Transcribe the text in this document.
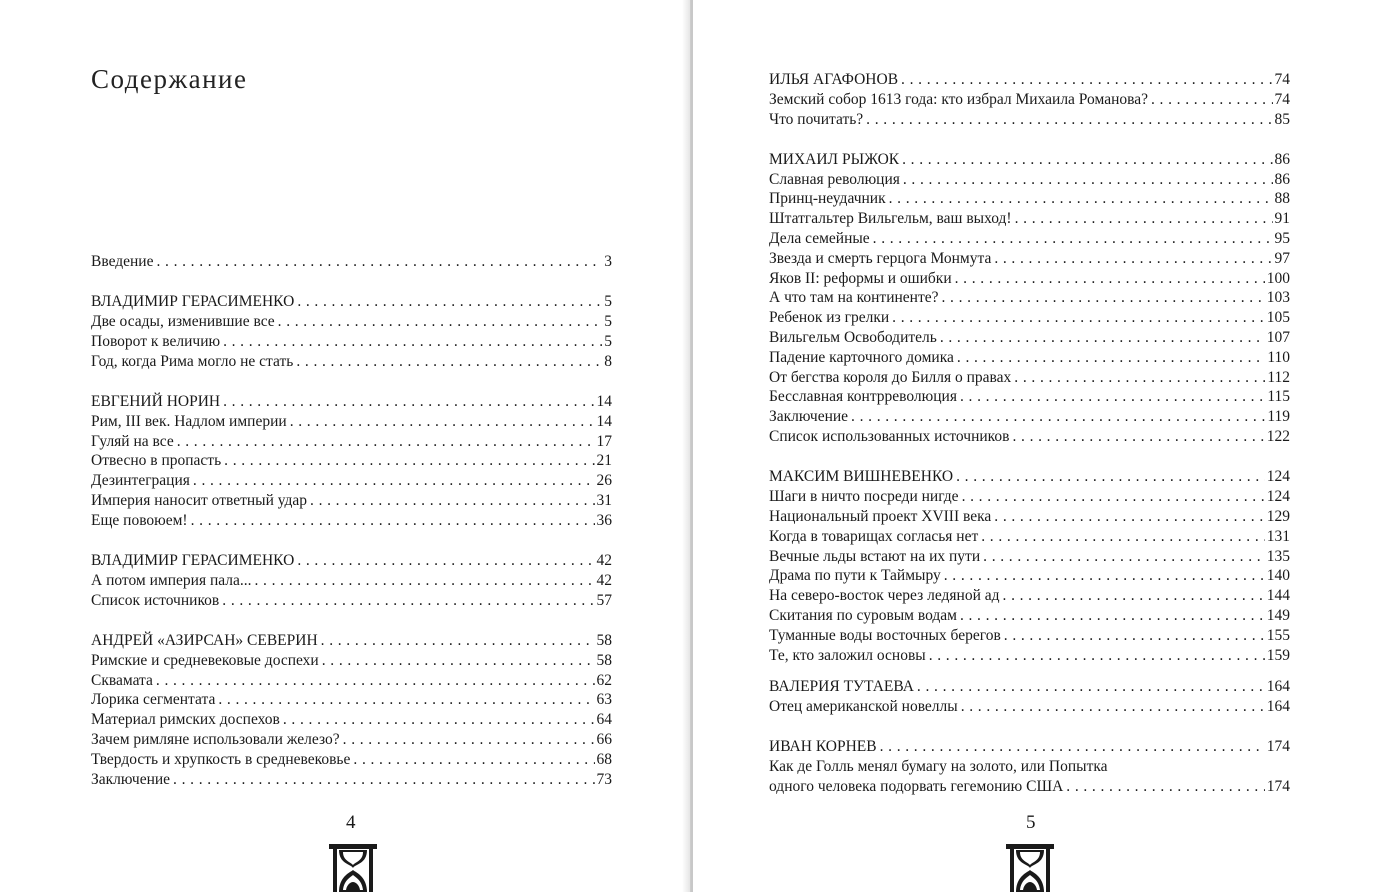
Содержание
Введение . . .	3
ВЛАДИМИР ГЕРАСИМЕНКО . . .	5
Две осады, изменившие все . . .	5
Поворот к величию . . .	5
Год, когда Рима могло не стать . . .	8
ЕВГЕНИЙ НОРИН . . .	14
Рим, III век. Надлом империи . . .	14
Гуляй на все . . .	17
Отвесно в пропасть . . .	21
Дезинтеграция . . .	26
Империя наносит ответный удар . . .	31
Еще повоюем! . . .	36
ВЛАДИМИР ГЕРАСИМЕНКО . . .	42
А потом империя пала... . . .	42
Список источников . . .	57
АНДРЕЙ «АЗИРСАН» СЕВЕРИН . . .	58
Римские и средневековые доспехи . . .	58
Сквамата . . .	62
Лорика сегментата . . .	63
Материал римских доспехов . . .	64
Зачем римляне использовали железо? . . .	66
Твердость и хрупкость в средневековье . . .	68
Заключение . . .	73
4
ИЛЬЯ АГАФОНОВ . . .	74
Земский собор 1613 года: кто избрал Михаила Романова? . . .	74
Что почитать? . . .	85
МИХАИЛ РЫЖОК . . .	86
Славная революция . . .	86
Принц-неудачник . . .	88
Штатгальтер Вильгельм, ваш выход! . . .	91
Дела семейные . . .	95
Звезда и смерть герцога Монмута . . .	97
Яков II: реформы и ошибки . . .	100
А что там на континенте? . . .	103
Ребенок из грелки . . .	105
Вильгельм Освободитель . . .	107
Падение карточного домика . . .	110
От бегства короля до Билля о правах . . .	112
Бесславная контрреволюция . . .	115
Заключение . . .	119
Список использованных источников . . .	122
МАКСИМ ВИШНЕВЕНКО . . .	124
Шаги в ничто посреди нигде . . .	124
Национальный проект XVIII века . . .	129
Когда в товарищах согласья нет . . .	131
Вечные льды встают на их пути . . .	135
Драма по пути к Таймыру . . .	140
На северо-восток через ледяной ад . . .	144
Скитания по суровым водам . . .	149
Туманные воды восточных берегов . . .	155
Те, кто заложил основы . . .	159
ВАЛЕРИЯ ТУТАЕВА . . .	164
Отец американской новеллы . . .	164
ИВАН КОРНЕВ . . .	174
Как де Голль менял бумагу на золото, или Попытка
одного человека подорвать гегемонию США . . .	174
5
